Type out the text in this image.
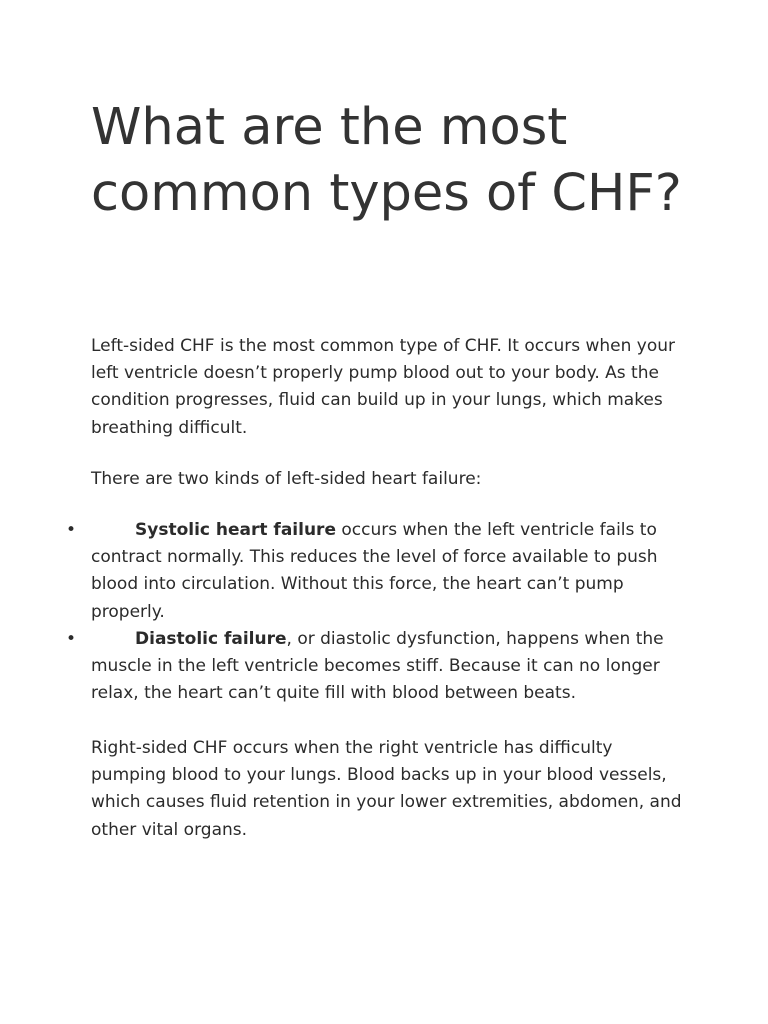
What are the most common types of CHF?

Left-sided CHF is the most common type of CHF. It occurs when your left ventricle doesn’t properly pump blood out to your body. As the condition progresses, fluid can build up in your lungs, which makes breathing difficult.

There are two kinds of left-sided heart failure:

•	Systolic heart failure occurs when the left ventricle fails to contract normally. This reduces the level of force available to push blood into circulation. Without this force, the heart can’t pump properly.
•	Diastolic failure, or diastolic dysfunction, happens when the muscle in the left ventricle becomes stiff. Because it can no longer relax, the heart can’t quite fill with blood between beats.

Right-sided CHF occurs when the right ventricle has difficulty pumping blood to your lungs. Blood backs up in your blood vessels, which causes fluid retention in your lower extremities, abdomen, and other vital organs.
